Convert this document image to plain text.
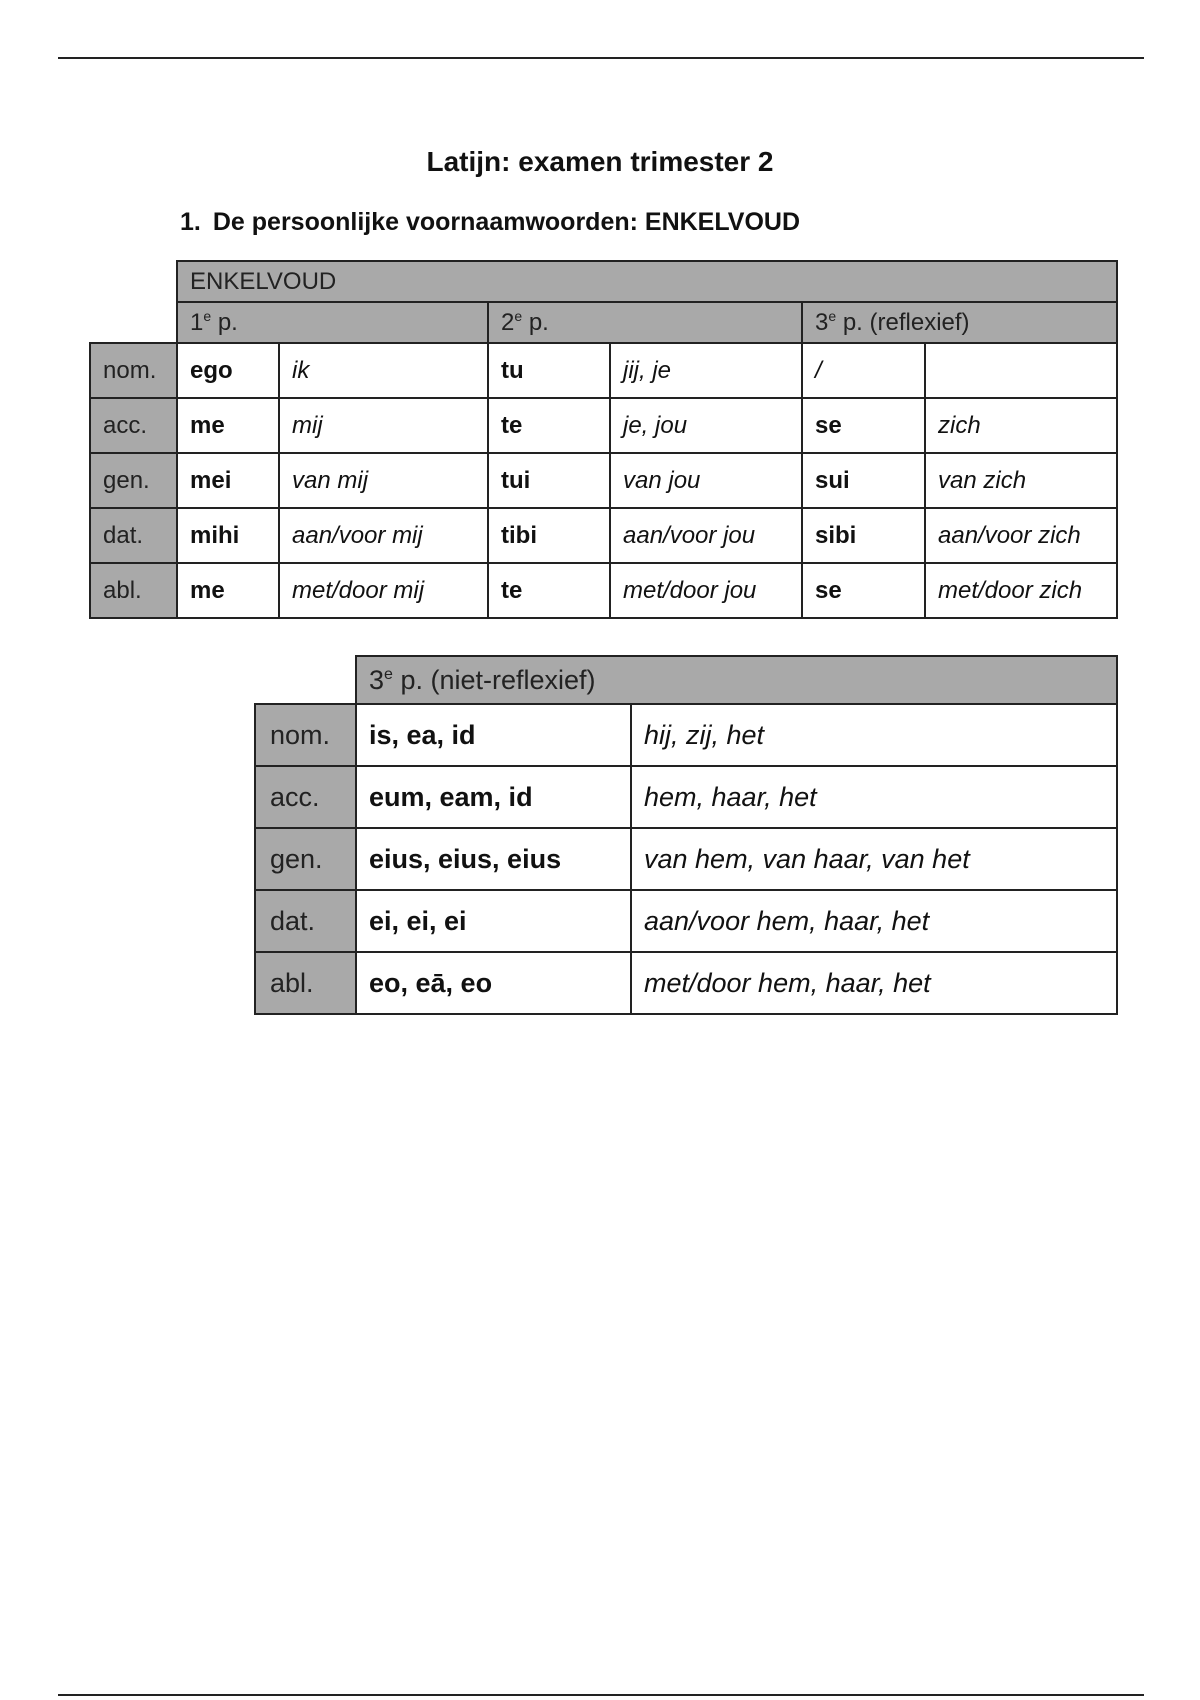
Latijn: examen trimester 2
1. De persoonlijke voornaamwoorden: ENKELVOUD
	ENKELVOUD					
	1e p.		2e p.		3e p. (reflexief)	
nom.	ego	ik	tu	jij, je	/	
acc.	me	mij	te	je, jou	se	zich
gen.	mei	van mij	tui	van jou	sui	van zich
dat.	mihi	aan/voor mij	tibi	aan/voor jou	sibi	aan/voor zich
abl.	me	met/door mij	te	met/door jou	se	met/door zich
	3e p. (niet-reflexief)	
nom.	is, ea, id	hij, zij, het
acc.	eum, eam, id	hem, haar, het
gen.	eius, eius, eius	van hem, van haar, van het
dat.	ei, ei, ei	aan/voor hem, haar, het
abl.	eo, eā, eo	met/door hem, haar, het
